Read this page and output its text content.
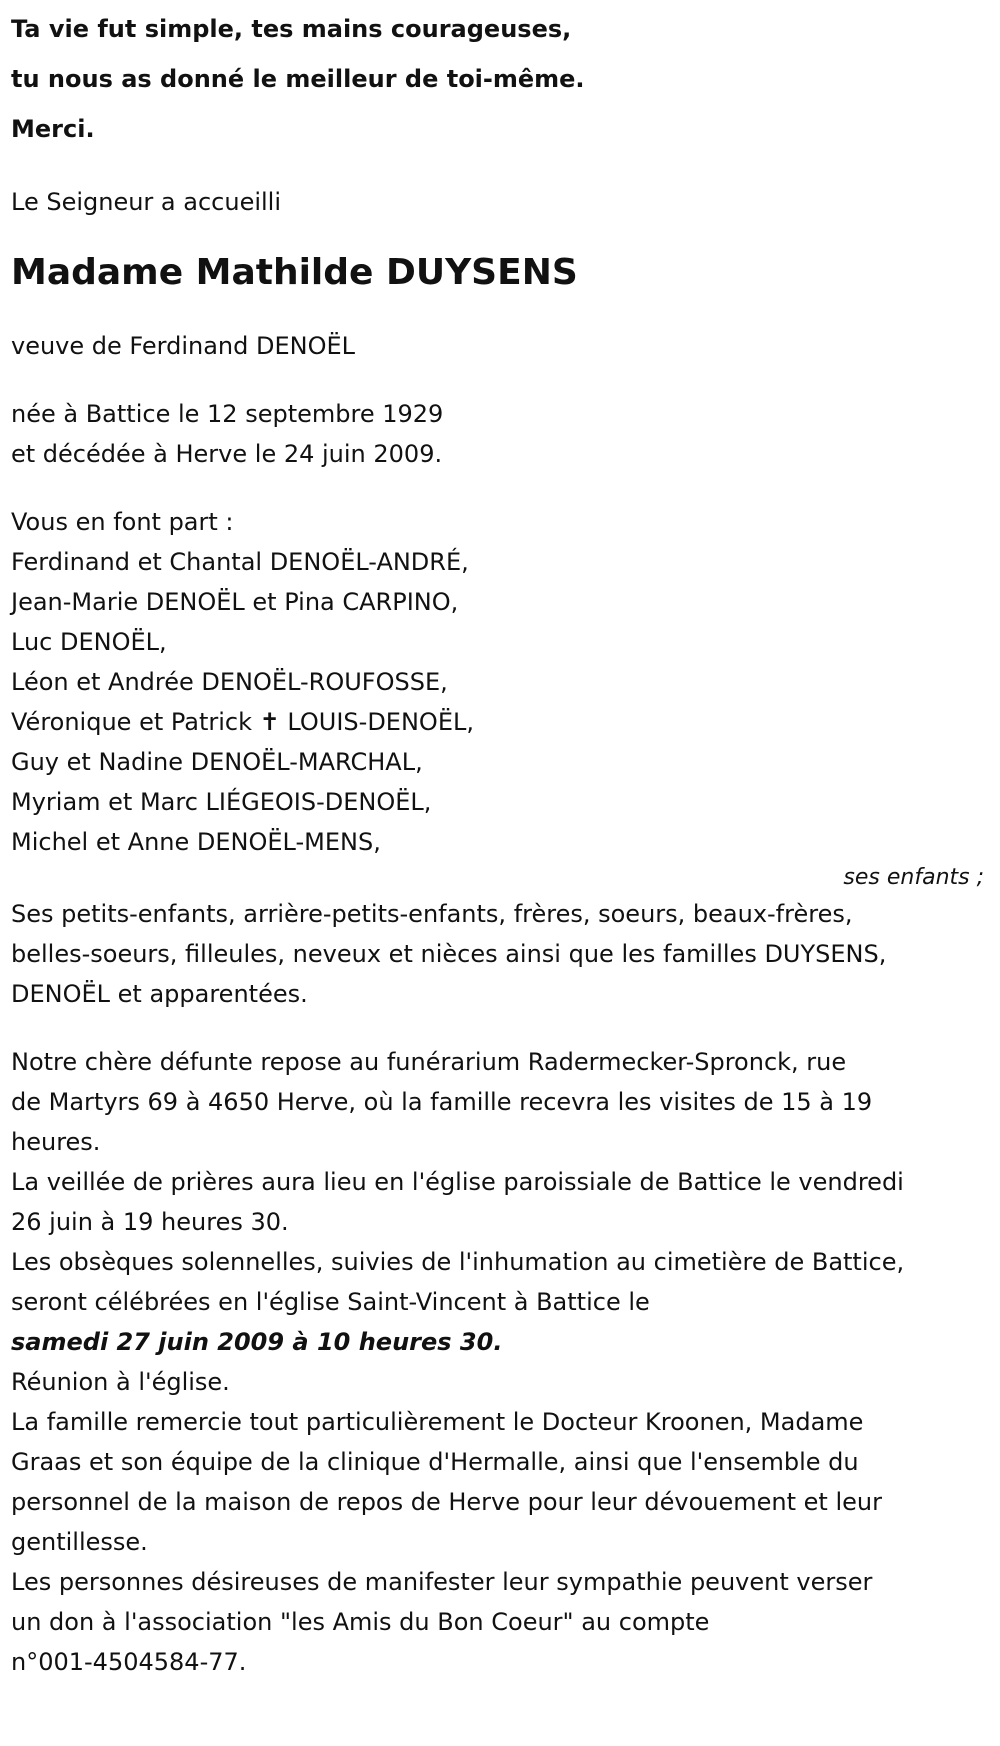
Ta vie fut simple, tes mains courageuses,

tu nous as donné le meilleur de toi-même.

Merci.

Le Seigneur a accueilli

Madame Mathilde DUYSENS

veuve de Ferdinand DENOËL

née à Battice le 12 septembre 1929

et décédée à Herve le 24 juin 2009.

Vous en font part :

Ferdinand et Chantal DENOËL-ANDRÉ,

Jean-Marie DENOËL et Pina CARPINO,

Luc DENOËL,

Léon et Andrée DENOËL-ROUFOSSE,

Véronique et Patrick ✝ LOUIS-DENOËL,

Guy et Nadine DENOËL-MARCHAL,

Myriam et Marc LIÉGEOIS-DENOËL,

Michel et Anne DENOËL-MENS,

ses enfants ;

Ses petits-enfants, arrière-petits-enfants, frères, soeurs, beaux-frères,

belles-soeurs, filleules, neveux et nièces ainsi que les familles DUYSENS,

DENOËL et apparentées.

Notre chère défunte repose au funérarium Radermecker-Spronck, rue

de Martyrs 69 à 4650 Herve, où la famille recevra les visites de 15 à 19

heures.

La veillée de prières aura lieu en l'église paroissiale de Battice le vendredi

26 juin à 19 heures 30.

Les obsèques solennelles, suivies de l'inhumation au cimetière de Battice,

seront célébrées en l'église Saint-Vincent à Battice le

samedi 27 juin 2009 à 10 heures 30.

Réunion à l'église.

La famille remercie tout particulièrement le Docteur Kroonen, Madame

Graas et son équipe de la clinique d'Hermalle, ainsi que l'ensemble du

personnel de la maison de repos de Herve pour leur dévouement et leur

gentillesse.

Les personnes désireuses de manifester leur sympathie peuvent verser

un don à l'association "les Amis du Bon Coeur" au compte

n°001-4504584-77.
